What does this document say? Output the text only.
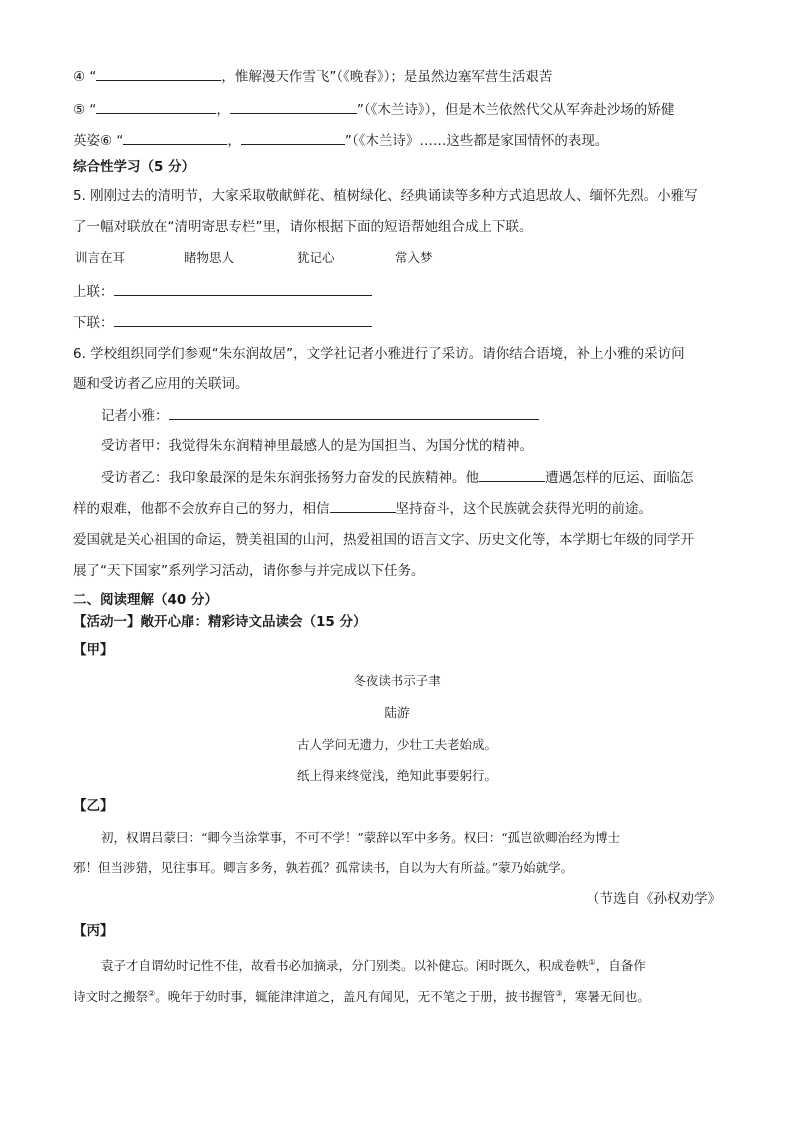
④ “	，惟解漫天作雪飞”（《晚春》）；是虽然边塞军营生活艰苦
⑤ “	，	”（《木兰诗》），但是木兰依然代父从军奔赴沙场的矫健
英姿⑥ “	，	”（《木兰诗》……这些都是家国情怀的表现。
综合性学习（5 分）
5. 刚刚过去的清明节，大家采取敬献鲜花、植树绿化、经典诵读等多种方式追思故人、缅怀先烈。小雅写
了一幅对联放在“清明寄思专栏”里，请你根据下面的短语帮她组合成上下联。
训言在耳	睹物思人	犹记心	常入梦
上联：
下联：
6. 学校组织同学们参观“朱东润故居”，文学社记者小雅进行了采访。请你结合语境，补上小雅的采访问
题和受访者乙应用的关联词。
记者小雅：
受访者甲：我觉得朱东润精神里最感人的是为国担当、为国分忧的精神。
受访者乙：我印象最深的是朱东润张扬努力奋发的民族精神。他	遭遇怎样的厄运、面临怎
样的艰难，他都不会放弃自己的努力，相信	坚持奋斗，这个民族就会获得光明的前途。
爱国就是关心祖国的命运，赞美祖国的山河，热爱祖国的语言文字、历史文化等，本学期七年级的同学开
展了“天下国家”系列学习活动，请你参与并完成以下任务。
二、阅读理解（40 分）
【活动一】敞开心扉：精彩诗文品读会（15 分）
【甲】
冬夜读书示子聿
陆游
古人学问无遗力，少壮工夫老始成。
纸上得来终觉浅，绝知此事要躬行。
【乙】
初，权谓吕蒙曰：“卿今当涂掌事，不可不学！”蒙辞以军中多务。权曰：“孤岂欲卿治经为博士
邪！但当涉猎，见往事耳。卿言多务，孰若孤？孤常读书，自以为大有所益。”蒙乃始就学。
（节选自《孙权劝学》
【丙】
袁子才自谓幼时记性不佳，故看书必加摘录，分门别类。以补健忘。闲时既久，积成卷帙①，自备作
诗文时之搬祭②。晚年于幼时事，辄能津津道之，盖凡有闻见，无不笔之于册，披书握管③，寒暑无间也。
